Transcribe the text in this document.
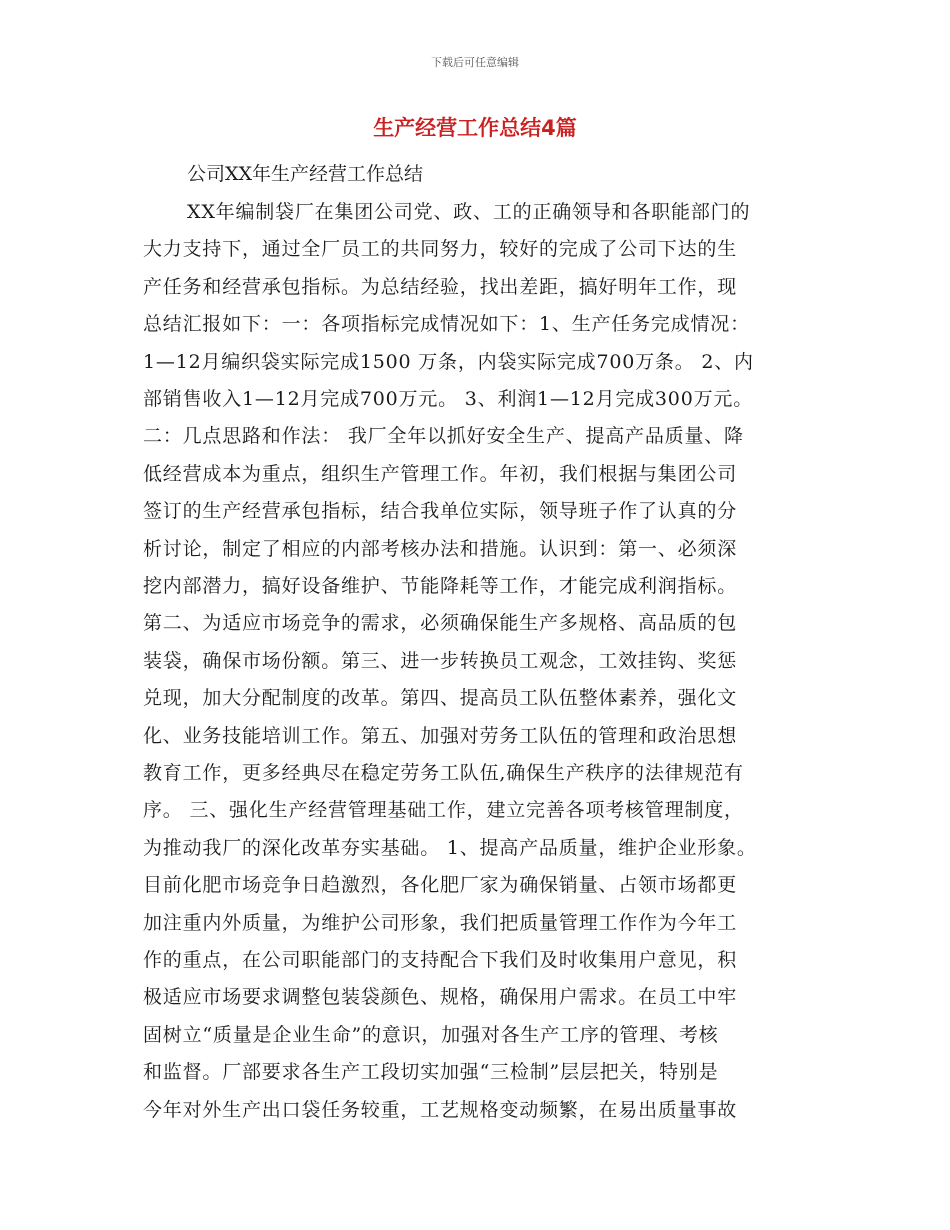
下载后可任意编辑
生产经营工作总结4篇
公司XX年生产经营工作总结
XX年编制袋厂在集团公司党、政、工的正确领导和各职能部门的
大力支持下，通过全厂员工的共同努力，较好的完成了公司下达的生
产任务和经营承包指标。为总结经验，找出差距，搞好明年工作，现
总结汇报如下：一：各项指标完成情况如下：1、生产任务完成情况：
1—12月编织袋实际完成1500 万条，内袋实际完成700万条。 2、内
部销售收入1—12月完成700万元。 3、利润1—12月完成300万元。
二：几点思路和作法： 我厂全年以抓好安全生产、提高产品质量、降
低经营成本为重点，组织生产管理工作。年初，我们根据与集团公司
签订的生产经营承包指标，结合我单位实际，领导班子作了认真的分
析讨论，制定了相应的内部考核办法和措施。认识到：第一、必须深
挖内部潜力，搞好设备维护、节能降耗等工作，才能完成利润指标。
第二、为适应市场竞争的需求，必须确保能生产多规格、高品质的包
装袋，确保市场份额。第三、进一步转换员工观念，工效挂钩、奖惩
兑现，加大分配制度的改革。第四、提高员工队伍整体素养，强化文
化、业务技能培训工作。第五、加强对劳务工队伍的管理和政治思想
教育工作，更多经典尽在稳定劳务工队伍,确保生产秩序的法律规范有
序。 三、强化生产经营管理基础工作，建立完善各项考核管理制度，
为推动我厂的深化改革夯实基础。 1、提高产品质量，维护企业形象。
目前化肥市场竞争日趋激烈，各化肥厂家为确保销量、占领市场都更
加注重内外质量，为维护公司形象，我们把质量管理工作作为今年工
作的重点，在公司职能部门的支持配合下我们及时收集用户意见，积
极适应市场要求调整包装袋颜色、规格，确保用户需求。在员工中牢
固树立“质量是企业生命”的意识，加强对各生产工序的管理、考核
和监督。厂部要求各生产工段切实加强“三检制”层层把关，特别是
今年对外生产出口袋任务较重，工艺规格变动频繁，在易出质量事故
